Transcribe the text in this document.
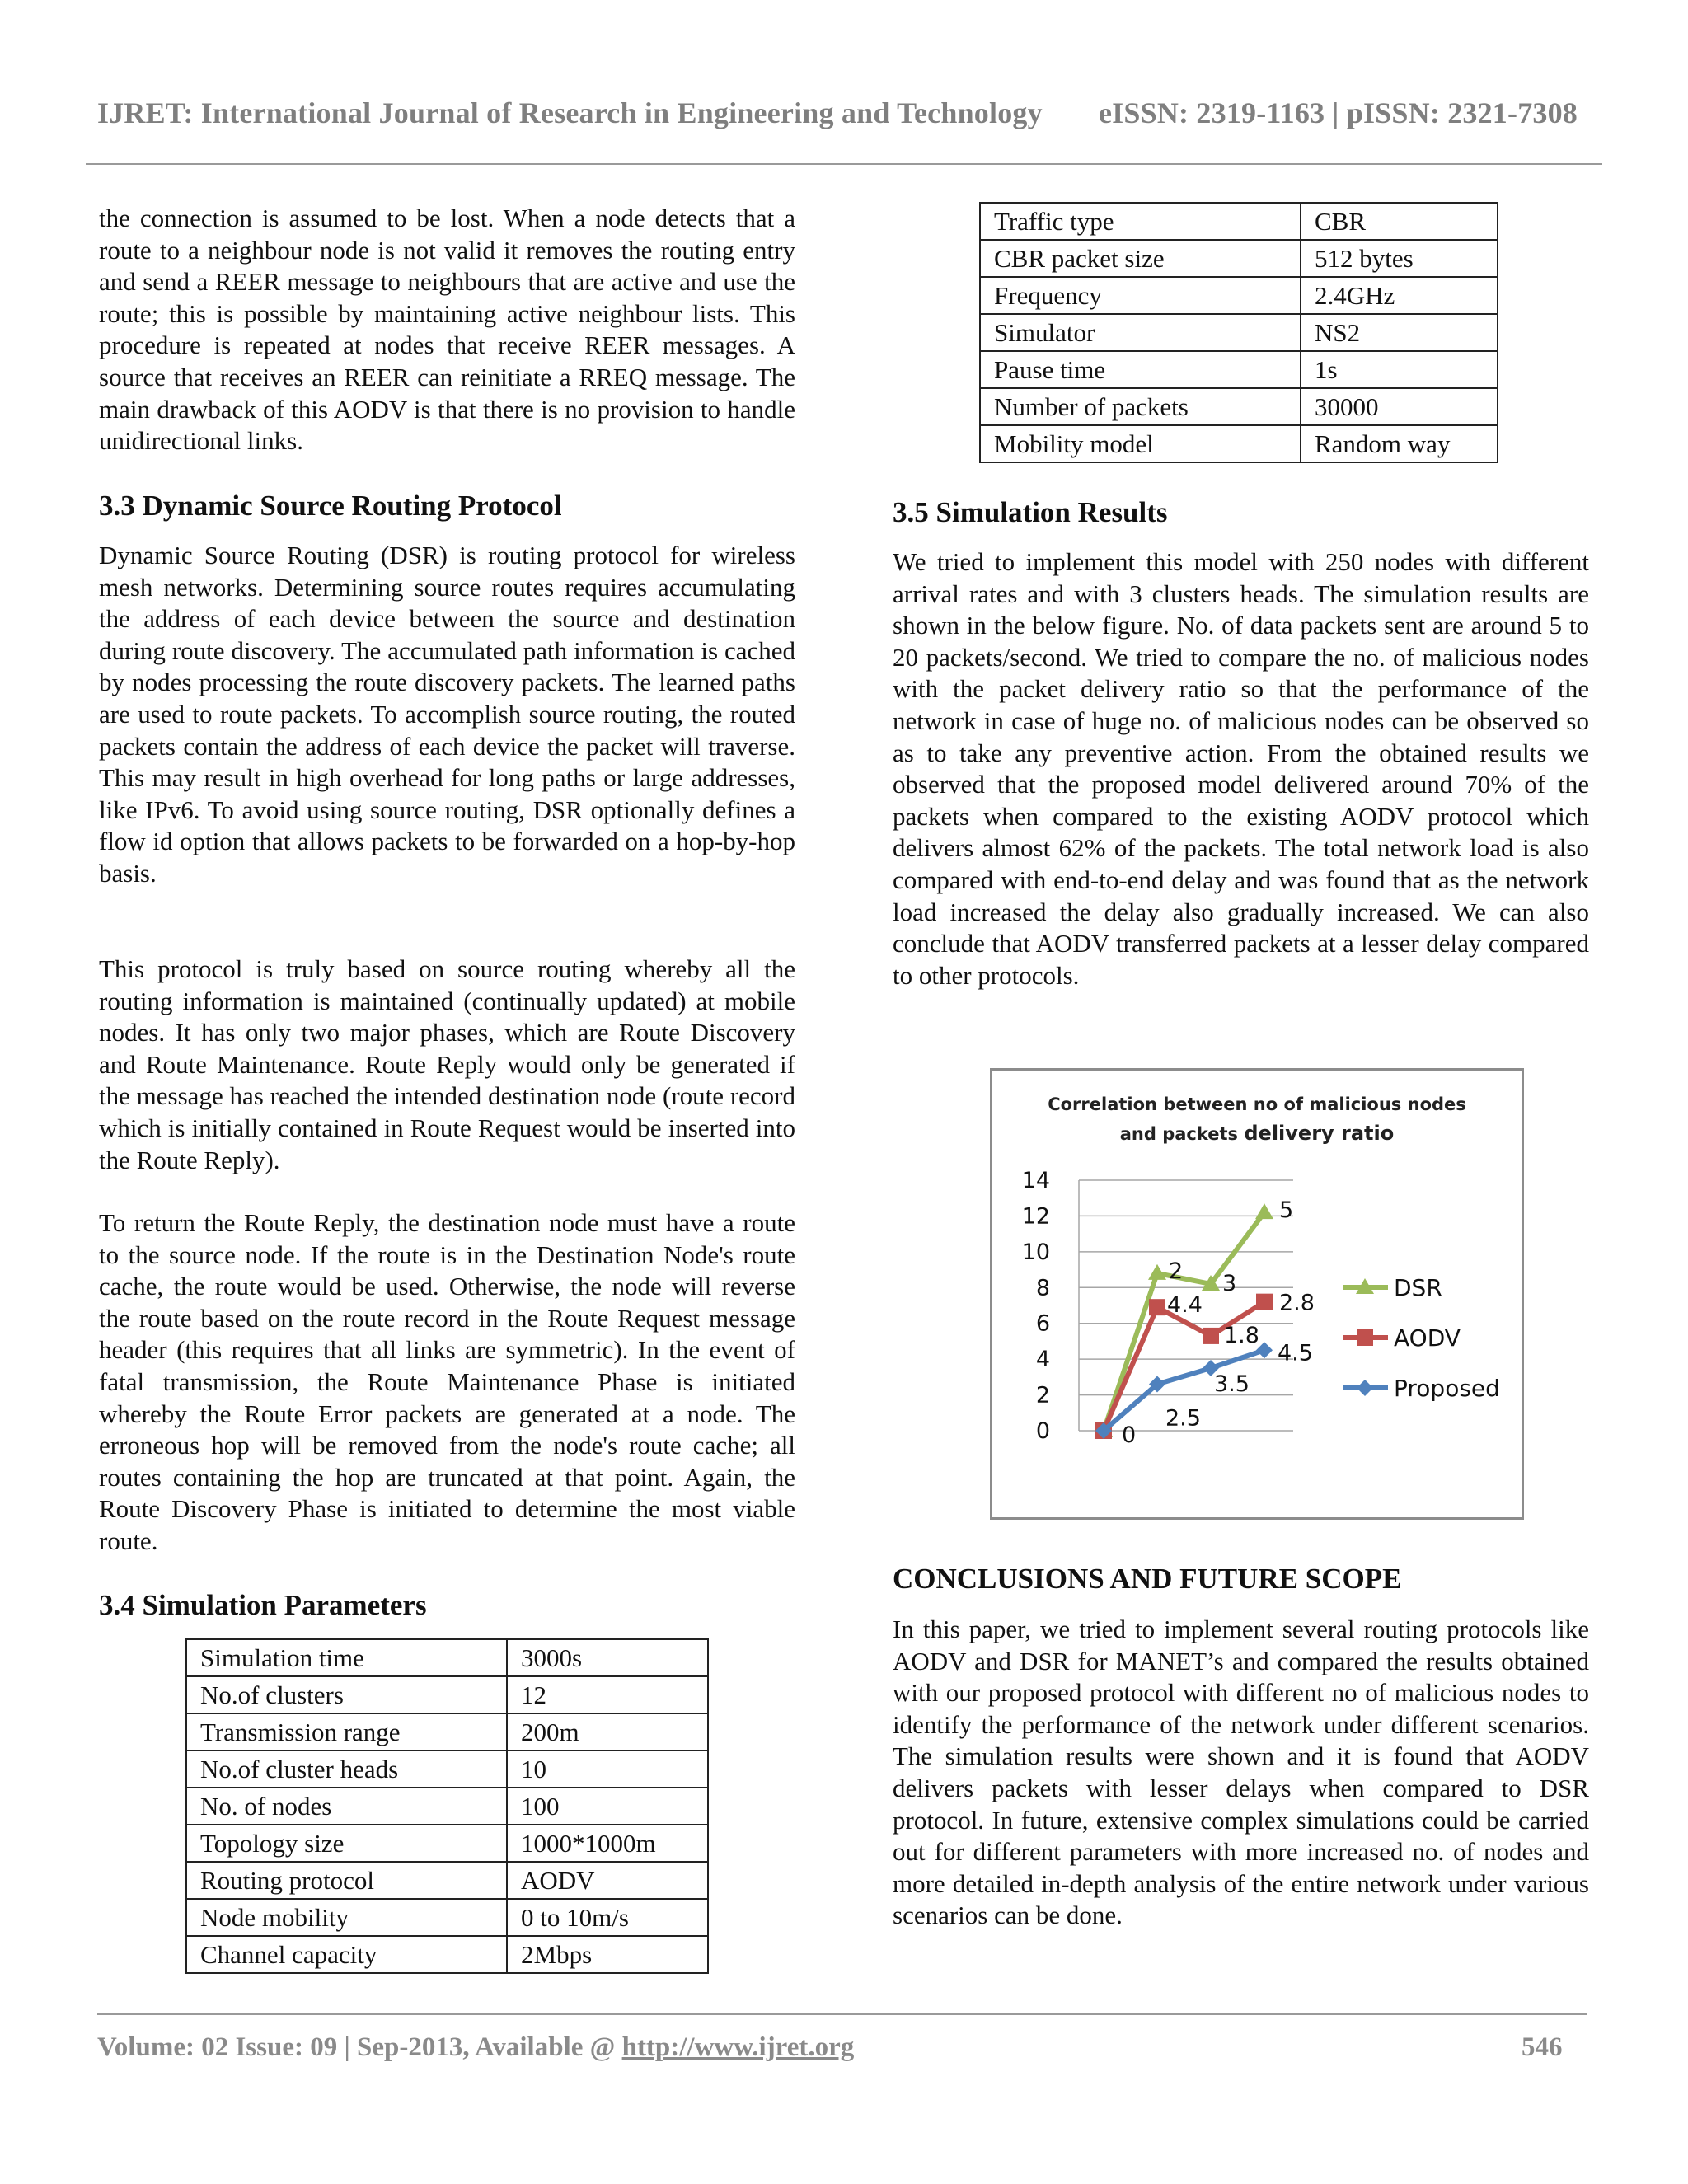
IJRET: International Journal of Research in Engineering and Technology eISSN: 2319-1163 | pISSN: 2321-7308

the connection is assumed to be lost. When a node detects that a route to a neighbour node is not valid it removes the routing entry and send a REER message to neighbours that are active and use the route; this is possible by maintaining active neighbour lists. This procedure is repeated at nodes that receive REER messages. A source that receives an REER can reinitiate a RREQ message. The main drawback of this AODV is that there is no provision to handle unidirectional links.

3.3 Dynamic Source Routing Protocol

Dynamic Source Routing (DSR) is routing protocol for wireless mesh networks. Determining source routes requires accumulating the address of each device between the source and destination during route discovery. The accumulated path information is cached by nodes processing the route discovery packets. The learned paths are used to route packets. To accomplish source routing, the routed packets contain the address of each device the packet will traverse. This may result in high overhead for long paths or large addresses, like IPv6. To avoid using source routing, DSR optionally defines a flow id option that allows packets to be forwarded on a hop-by-hop basis.

This protocol is truly based on source routing whereby all the routing information is maintained (continually updated) at mobile nodes. It has only two major phases, which are Route Discovery and Route Maintenance. Route Reply would only be generated if the message has reached the intended destination node (route record which is initially contained in Route Request would be inserted into the Route Reply).

To return the Route Reply, the destination node must have a route to the source node. If the route is in the Destination Node's route cache, the route would be used. Otherwise, the node will reverse the route based on the route record in the Route Request message header (this requires that all links are symmetric). In the event of fatal transmission, the Route Maintenance Phase is initiated whereby the Route Error packets are generated at a node. The erroneous hop will be removed from the node's route cache; all routes containing the hop are truncated at that point. Again, the Route Discovery Phase is initiated to determine the most viable route.

3.4 Simulation Parameters
Simulation time	3000s
No.of clusters	12
Transmission range	200m
No.of cluster heads	10
No. of nodes	100
Topology size	1000*1000m
Routing protocol	AODV
Node mobility	0 to 10m/s
Channel capacity	2Mbps
Traffic type	CBR
CBR packet size	512 bytes
Frequency	2.4GHz
Simulator	NS2
Pause time	1s
Number of packets	30000
Mobility model	Random way
3.5 Simulation Results

We tried to implement this model with 250 nodes with different arrival rates and with 3 clusters heads. The simulation results are shown in the below figure. No. of data packets sent are around 5 to 20 packets/second. We tried to compare the no. of malicious nodes with the packet delivery ratio so that the performance of the network in case of huge no. of malicious nodes can be observed so as to take any preventive action. From the obtained results we observed that the proposed model delivered around 70% of the packets when compared to the existing AODV protocol which delivers almost 62% of the packets. The total network load is also compared with end-to-end delay and was found that as the network load increased the delay also gradually increased. We can also conclude that AODV transferred packets at a lesser delay compared to other protocols.

Correlation between no of malicious nodes
and packets delivery ratio
0
2
4
6
8
10
12
14
2 3
5
4.4
1.8
2.8
0
2.5
3.5
4.5
DSR
AODV
Proposed
CONCLUSIONS AND FUTURE SCOPE

In this paper, we tried to implement several routing protocols like AODV and DSR for MANET’s and compared the results obtained with our proposed protocol with different no of malicious nodes to identify the performance of the network under different scenarios. The simulation results were shown and it is found that AODV delivers packets with lesser delays when compared to DSR protocol. In future, extensive complex simulations could be carried out for different parameters with more increased no. of nodes and more detailed in-depth analysis of the entire network under various scenarios can be done.

Volume: 02 Issue: 09 | Sep-2013, Available @ http://www.ijret.org	546
